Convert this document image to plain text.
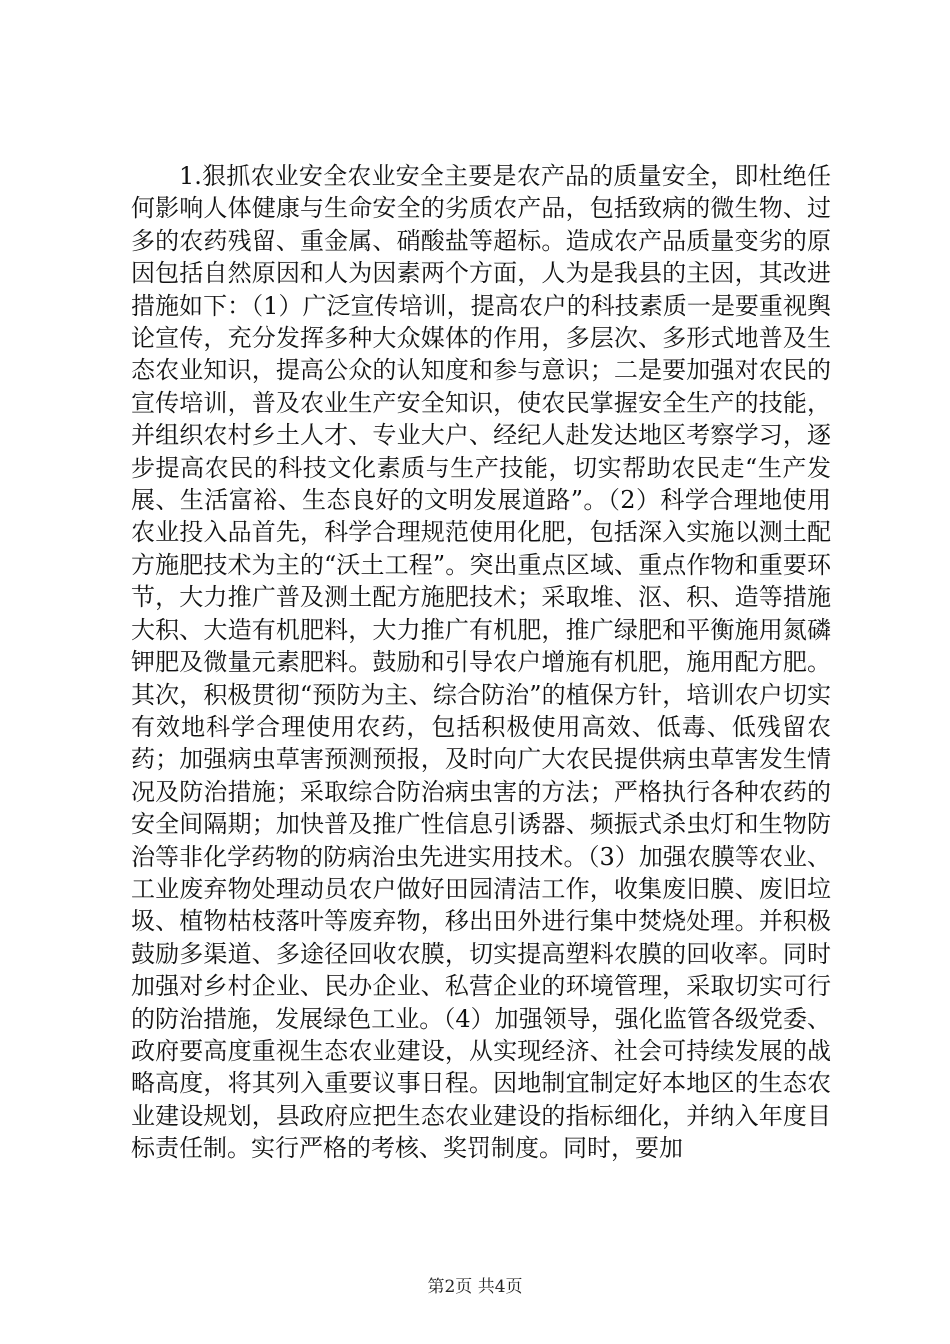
1.狠抓农业安全农业安全主要是农产品的质量安全，即杜绝任何影响人体健康与生命安全的劣质农产品，包括致病的微生物、过多的农药残留、重金属、硝酸盐等超标。造成农产品质量变劣的原因包括自然原因和人为因素两个方面，人为是我县的主因，其改进措施如下：（1）广泛宣传培训，提高农户的科技素质一是要重视舆论宣传，充分发挥多种大众媒体的作用，多层次、多形式地普及生态农业知识，提高公众的认知度和参与意识；二是要加强对农民的宣传培训，普及农业生产安全知识，使农民掌握安全生产的技能，并组织农村乡土人才、专业大户、经纪人赴发达地区考察学习，逐步提高农民的科技文化素质与生产技能，切实帮助农民走“生产发展、生活富裕、生态良好的文明发展道路”。（2）科学合理地使用农业投入品首先，科学合理规范使用化肥，包括深入实施以测土配方施肥技术为主的“沃土工程”。突出重点区域、重点作物和重要环节，大力推广普及测土配方施肥技术；采取堆、沤、积、造等措施大积、大造有机肥料，大力推广有机肥，推广绿肥和平衡施用氮磷钾肥及微量元素肥料。鼓励和引导农户增施有机肥，施用配方肥。其次，积极贯彻“预防为主、综合防治”的植保方针，培训农户切实有效地科学合理使用农药，包括积极使用高效、低毒、低残留农药；加强病虫草害预测预报，及时向广大农民提供病虫草害发生情况及防治措施；采取综合防治病虫害的方法；严格执行各种农药的安全间隔期；加快普及推广性信息引诱器、频振式杀虫灯和生物防治等非化学药物的防病治虫先进实用技术。（3）加强农膜等农业、工业废弃物处理动员农户做好田园清洁工作，收集废旧膜、废旧垃圾、植物枯枝落叶等废弃物，移出田外进行集中焚烧处理。并积极鼓励多渠道、多途径回收农膜，切实提高塑料农膜的回收率。同时加强对乡村企业、民办企业、私营企业的环境管理，采取切实可行的防治措施，发展绿色工业。（4）加强领导，强化监管各级党委、政府要高度重视生态农业建设，从实现经济、社会可持续发展的战略高度，将其列入重要议事日程。因地制宜制定好本地区的生态农业建设规划，县政府应把生态农业建设的指标细化，并纳入年度目标责任制。实行严格的考核、奖罚制度。同时，要加

第2页 共4页
